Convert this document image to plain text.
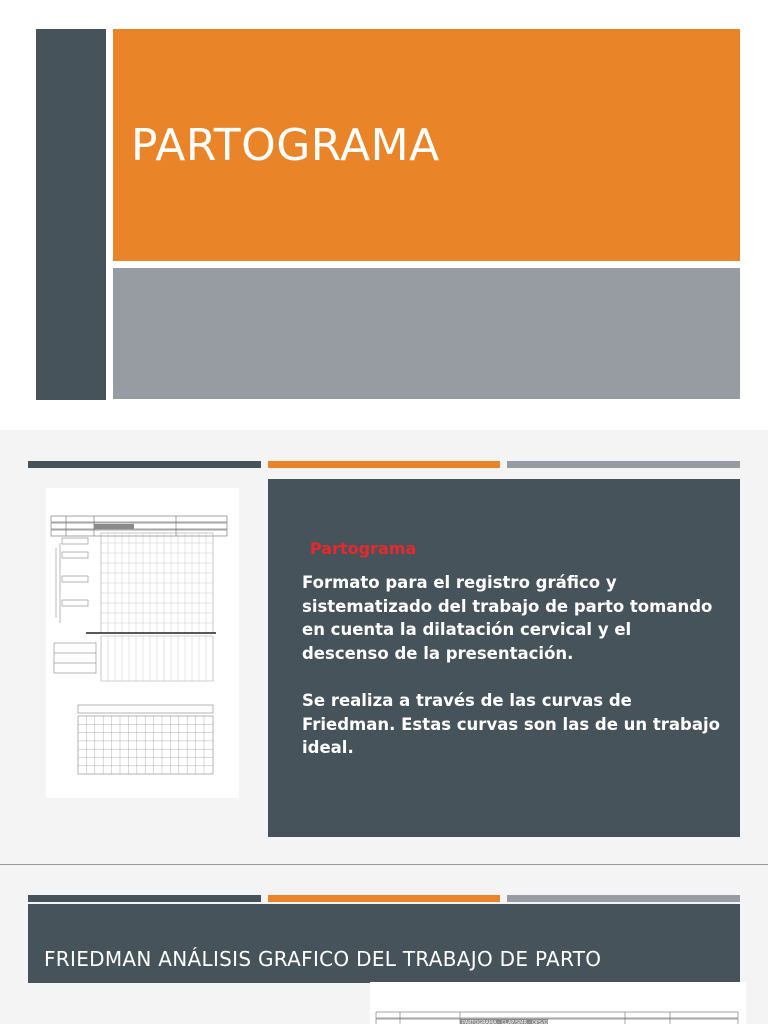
PARTOGRAMA
Partograma
Formato para el registro gráfico y sistematizado del trabajo de parto tomando en cuenta la dilatación cervical y el descenso de la presentación.
Se realiza a través de las curvas de Friedman. Estas curvas son las de un trabajo ideal.
FRIEDMAN ANÁLISIS GRAFICO DEL TRABAJO DE PARTO
PARTOGRAMA - CLAP/SMR - OPS/OMS
